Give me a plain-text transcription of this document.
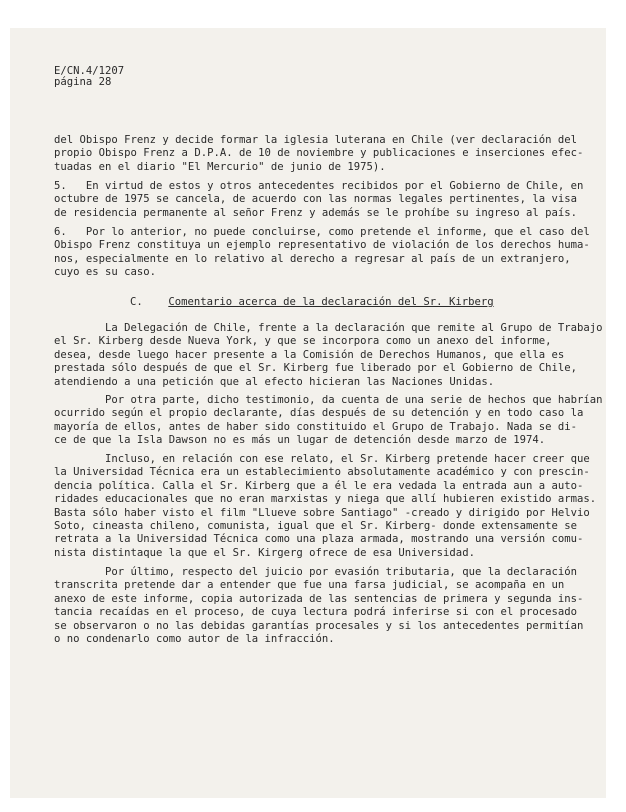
E/CN.4/1207
página 28
del Obispo Frenz y decide formar la iglesia luterana en Chile (ver declaración del
propio Obispo Frenz a D.P.A. de 10 de noviembre y publicaciones e inserciones efec-
tuadas en el diario "El Mercurio" de junio de 1975).
5.   En virtud de estos y otros antecedentes recibidos por el Gobierno de Chile, en
octubre de 1975 se cancela, de acuerdo con las normas legales pertinentes, la visa
de residencia permanente al señor Frenz y además se le prohíbe su ingreso al país.
6.   Por lo anterior, no puede concluirse, como pretende el informe, que el caso del
Obispo Frenz constituya un ejemplo representativo de violación de los derechos huma-
nos, especialmente en lo relativo al derecho a regresar al país de un extranjero,
cuyo es su caso.
C. Comentario acerca de la declaración del Sr. Kirberg
La Delegación de Chile, frente a la declaración que remite al Grupo de Trabajo
el Sr. Kirberg desde Nueva York, y que se incorpora como un anexo del informe,
desea, desde luego hacer presente a la Comisión de Derechos Humanos, que ella es
prestada sólo después de que el Sr. Kirberg fue liberado por el Gobierno de Chile,
atendiendo a una petición que al efecto hicieran las Naciones Unidas.
Por otra parte, dicho testimonio, da cuenta de una serie de hechos que habrían
ocurrido según el propio declarante, días después de su detención y en todo caso la
mayoría de ellos, antes de haber sido constituido el Grupo de Trabajo. Nada se di-
ce de que la Isla Dawson no es más un lugar de detención desde marzo de 1974.
Incluso, en relación con ese relato, el Sr. Kirberg pretende hacer creer que
la Universidad Técnica era un establecimiento absolutamente académico y con prescin-
dencia política. Calla el Sr. Kirberg que a él le era vedada la entrada aun a auto-
ridades educacionales que no eran marxistas y niega que allí hubieren existido armas.
Basta sólo haber visto el film "Llueve sobre Santiago" -creado y dirigido por Helvio
Soto, cineasta chileno, comunista, igual que el Sr. Kirberg- donde extensamente se
retrata a la Universidad Técnica como una plaza armada, mostrando una versión comu-
nista distintaque la que el Sr. Kirgerg ofrece de esa Universidad.
Por último, respecto del juicio por evasión tributaria, que la declaración
transcrita pretende dar a entender que fue una farsa judicial, se acompaña en un
anexo de este informe, copia autorizada de las sentencias de primera y segunda ins-
tancia recaídas en el proceso, de cuya lectura podrá inferirse si con el procesado
se observaron o no las debidas garantías procesales y si los antecedentes permitían
o no condenarlo como autor de la infracción.
